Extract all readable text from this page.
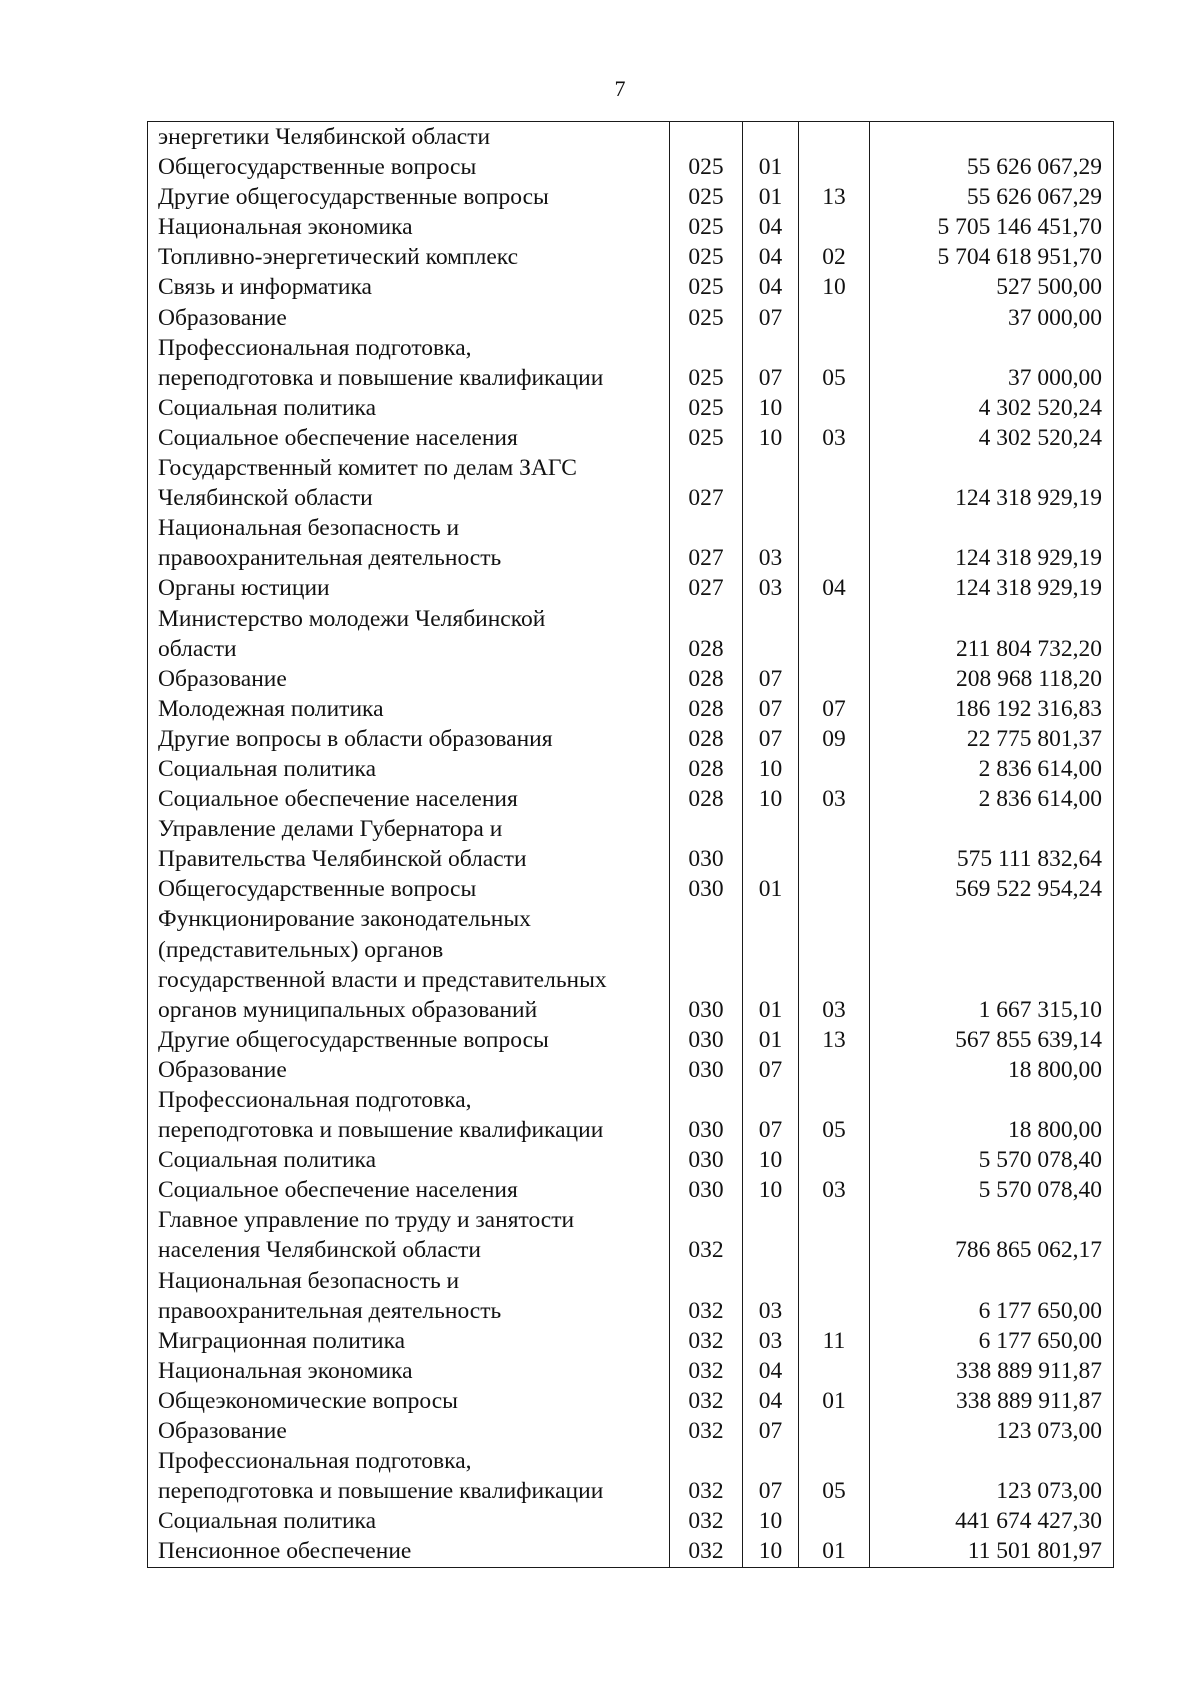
7
энергетики Челябинской области				

Общегосударственные вопросы	025	01		55 626 067,29

Другие общегосударственные вопросы	025	01	13	55 626 067,29

Национальная экономика	025	04		5 705 146 451,70

Топливно-энергетический комплекс	025	04	02	5 704 618 951,70

Связь и информатика	025	04	10	527 500,00

Образование	025	07		37 000,00

Профессиональная подготовка,
переподготовка и повышение квалификации	025	07	05	37 000,00

Социальная политика	025	10		4 302 520,24

Социальное обеспечение населения	025	10	03	4 302 520,24

Государственный комитет по делам ЗАГС
Челябинской области	027			124 318 929,19

Национальная безопасность и
правоохранительная деятельность	027	03		124 318 929,19

Органы юстиции	027	03	04	124 318 929,19

Министерство молодежи Челябинской
области	028			211 804 732,20

Образование	028	07		208 968 118,20

Молодежная политика	028	07	07	186 192 316,83

Другие вопросы в области образования	028	07	09	22 775 801,37

Социальная политика	028	10		2 836 614,00

Социальное обеспечение населения	028	10	03	2 836 614,00

Управление делами Губернатора и
Правительства Челябинской области	030			575 111 832,64

Общегосударственные вопросы	030	01		569 522 954,24

Функционирование законодательных
(представительных) органов
государственной власти и представительных
органов муниципальных образований	030	01	03	1 667 315,10

Другие общегосударственные вопросы	030	01	13	567 855 639,14

Образование	030	07		18 800,00

Профессиональная подготовка,
переподготовка и повышение квалификации	030	07	05	18 800,00

Социальная политика	030	10		5 570 078,40

Социальное обеспечение населения	030	10	03	5 570 078,40

Главное управление по труду и занятости
населения Челябинской области	032			786 865 062,17

Национальная безопасность и
правоохранительная деятельность	032	03		6 177 650,00

Миграционная политика	032	03	11	6 177 650,00

Национальная экономика	032	04		338 889 911,87

Общеэкономические вопросы	032	04	01	338 889 911,87

Образование	032	07		123 073,00

Профессиональная подготовка,
переподготовка и повышение квалификации	032	07	05	123 073,00

Социальная политика	032	10		441 674 427,30

Пенсионное обеспечение	032	10	01	11 501 801,97
